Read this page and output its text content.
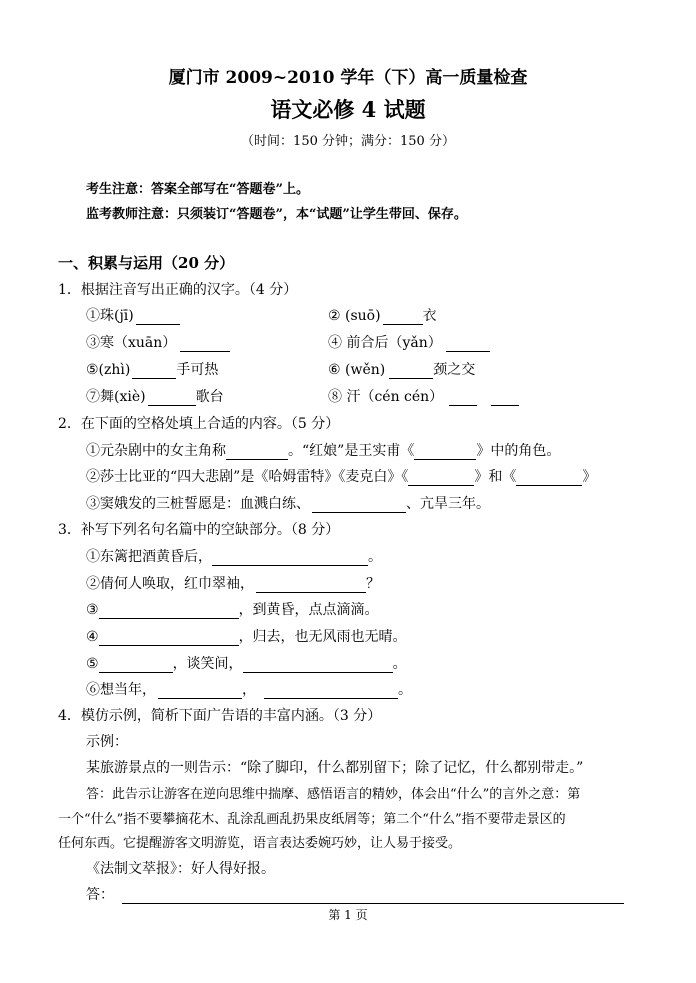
厦门市 2009~2010 学年（下）高一质量检查
语文必修 4 试题
（时间：150 分钟；满分：150 分）
考生注意：答案全部写在“答题卷”上。
监考教师注意：只须装订“答题卷”，本“试题”让学生带回、保存。
一、积累与运用（20 分）
1．根据注音写出正确的汉字。（4 分）
①珠(jī)	② (suō)	衣
③寒（xuān）	④ 前合后（yǎn）
⑤(zhì)	手可热	⑥ (wěn)	颈之交
⑦舞(xiè)	歌台	⑧ 汗（cén cén）
2．在下面的空格处填上合适的内容。（5 分）
①元杂剧中的女主角称	。“红娘”是王实甫《	》中的角色。
②莎士比亚的“四大悲剧”是《哈姆雷特》《麦克白》《	》和《	》
③窦娥发的三桩誓愿是：血溅白练、	、亢旱三年。
3．补写下列名句名篇中的空缺部分。（8 分）
①东篱把酒黄昏后，	。
②倩何人唤取，红巾翠袖，	？
③	，到黄昏，点点滴滴。
④	，归去，也无风雨也无晴。
⑤	，谈笑间，	。
⑥想当年，	，	。
4．模仿示例，简析下面广告语的丰富内涵。（3 分）
示例：
某旅游景点的一则告示：“除了脚印，什么都别留下；除了记忆，什么都别带走。”
答：此告示让游客在逆向思维中揣摩、感悟语言的精妙，体会出“什么”的言外之意：第
一个“什么”指不要攀摘花木、乱涂乱画乱扔果皮纸屑等；第二个“什么”指不要带走景区的
任何东西。它提醒游客文明游览，语言表达委婉巧妙，让人易于接受。
《法制文萃报》：好人得好报。
答：
第 1 页
